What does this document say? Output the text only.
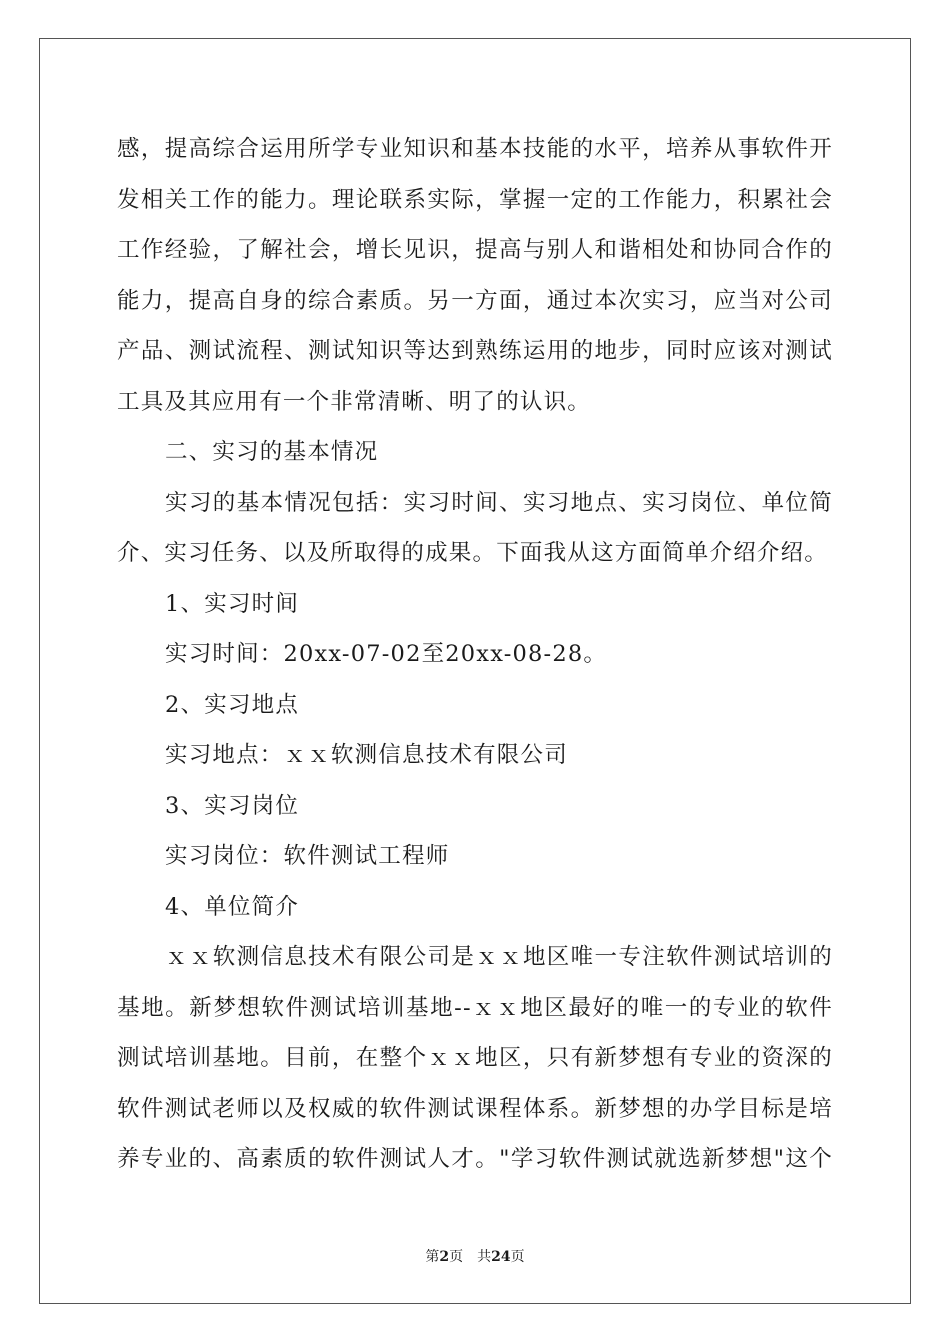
感，提高综合运用所学专业知识和基本技能的水平，培养从事软件开
发相关工作的能力。理论联系实际，掌握一定的工作能力，积累社会
工作经验，了解社会，增长见识，提高与别人和谐相处和协同合作的
能力，提高自身的综合素质。另一方面，通过本次实习，应当对公司
产品、测试流程、测试知识等达到熟练运用的地步，同时应该对测试
工具及其应用有一个非常清晰、明了的认识。
二、实习的基本情况
实习的基本情况包括：实习时间、实习地点、实习岗位、单位简
介、实习任务、以及所取得的成果。下面我从这方面简单介绍介绍。
1、实习时间
实习时间：20xx-07-02至20xx-08-28。
2、实习地点
实习地点：ｘｘ软测信息技术有限公司
3、实习岗位
实习岗位：软件测试工程师
4、单位简介
ｘｘ软测信息技术有限公司是ｘｘ地区唯一专注软件测试培训的
基地。新梦想软件测试培训基地--ｘｘ地区最好的唯一的专业的软件
测试培训基地。目前，在整个ｘｘ地区，只有新梦想有专业的资深的
软件测试老师以及权威的软件测试课程体系。新梦想的办学目标是培
养专业的、高素质的软件测试人才。"学习软件测试就选新梦想"这个
第2页　共24页
